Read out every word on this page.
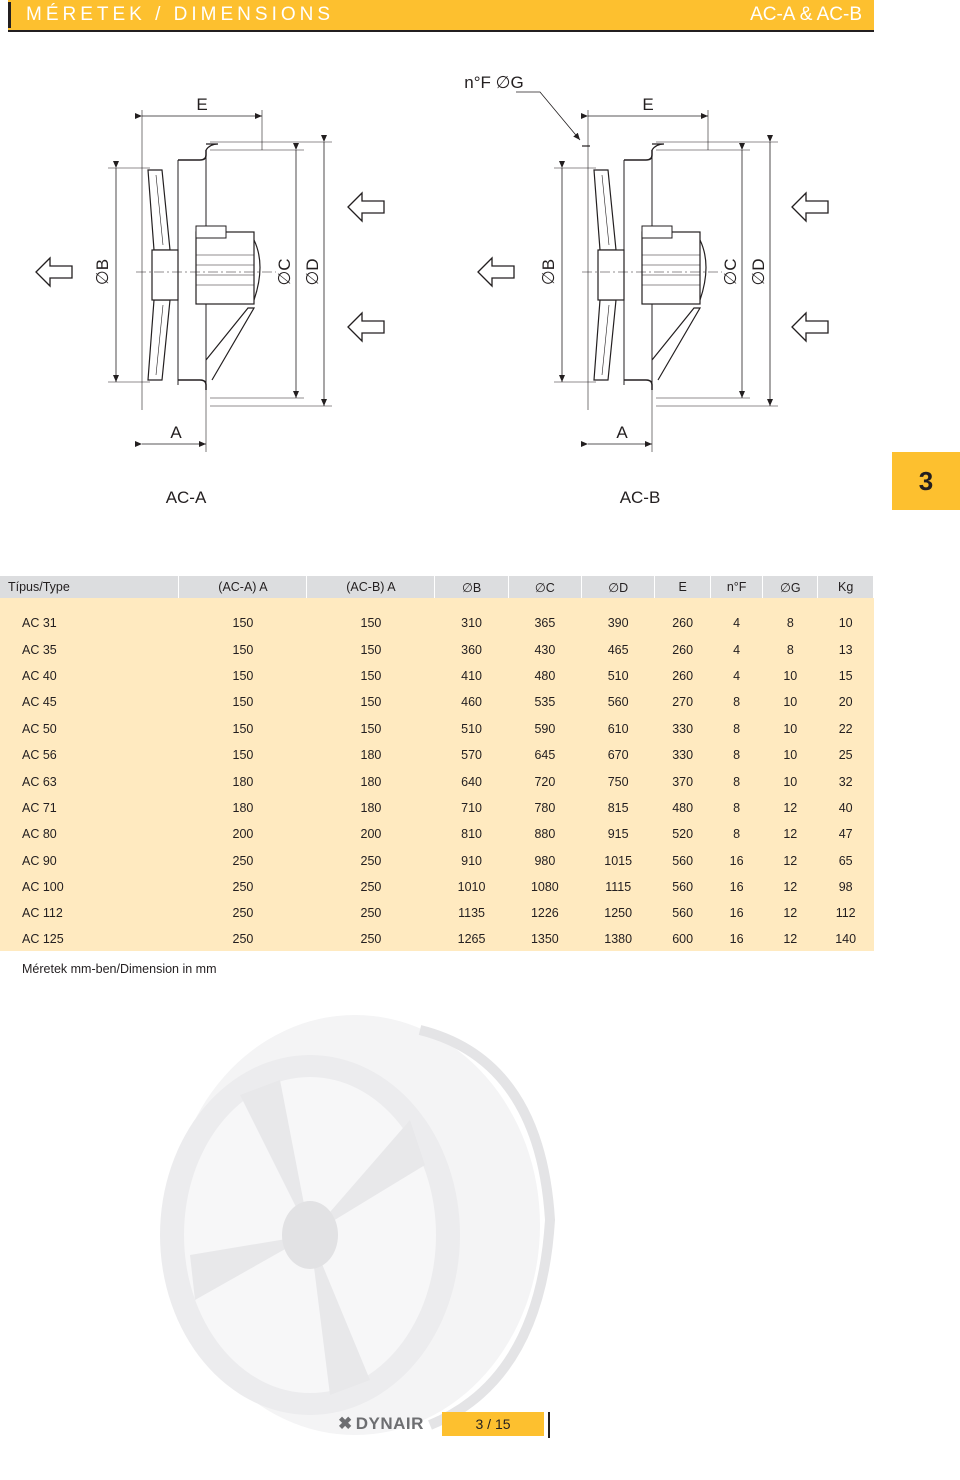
MÉRETEK / DIMENSIONS	AC-A & AC-B
3
E
∅B	∅C ∅D
A
AC-A
E
n°F ∅G
∅B	∅C ∅D
A
AC-B
Típus/Type	(AC-A) A	(AC-B) A	∅B	∅C	∅D	E	n°F	∅G	Kg

AC 31	150	150	310	365	390	260	4	8	10
AC 35	150	150	360	430	465	260	4	8	13
AC 40	150	150	410	480	510	260	4	10	15
AC 45	150	150	460	535	560	270	8	10	20
AC 50	150	150	510	590	610	330	8	10	22
AC 56	150	180	570	645	670	330	8	10	25
AC 63	180	180	640	720	750	370	8	10	32
AC 71	180	180	710	780	815	480	8	12	40
AC 80	200	200	810	880	915	520	8	12	47
AC 90	250	250	910	980	1015	560	16	12	65
AC 100	250	250	1010	1080	1115	560	16	12	98
AC 112	250	250	1135	1226	1250	560	16	12	112
AC 125	250	250	1265	1350	1380	600	16	12	140
Méretek mm-ben/Dimension in mm
✖ DYNAIR	3 / 15
